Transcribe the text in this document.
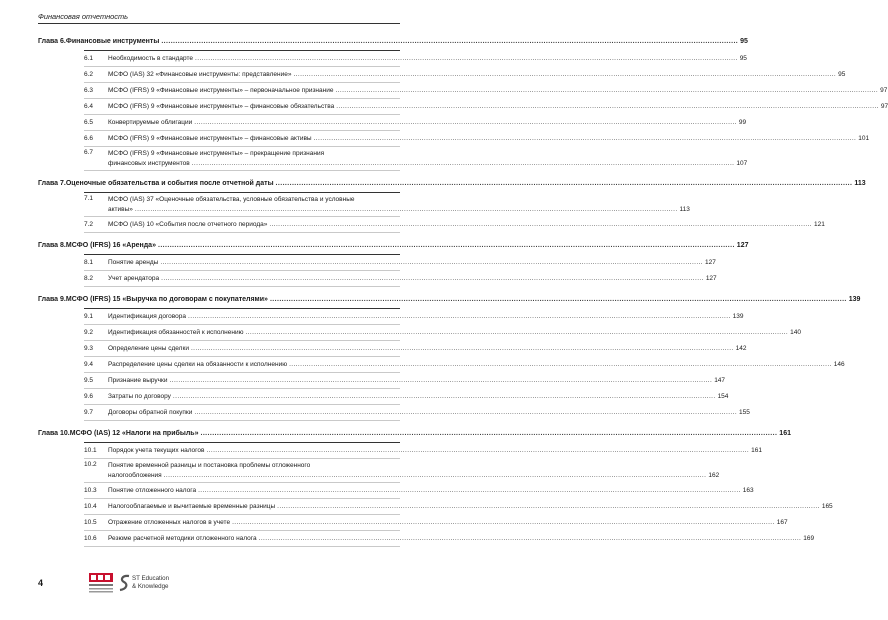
Финансовая отчетность
Глава 6. Финансовые инструменты .....	95
6.1	Необходимость в стандарте .....	95
6.2	МСФО (IAS) 32 «Финансовые инструменты: представление» .....	95
6.3	МСФО (IFRS) 9 «Финансовые инструменты» – первоначальное признание .....	97
6.4	МСФО (IFRS) 9 «Финансовые инструменты» – финансовые обязательства .....	97
6.5	Конвертируемые облигации .....	99
6.6	МСФО (IFRS) 9 «Финансовые инструменты» – финансовые активы .....	101
6.7	МСФО (IFRS) 9 «Финансовые инструменты» – прекращение признания
финансовых инструментов .....	107
Глава 7. Оценочные обязательства и события после отчетной даты .....	113
7.1	МСФО (IAS) 37 «Оценочные обязательства, условные обязательства и условные
активы» .....	113
7.2	МСФО (IAS) 10 «События после отчетного периода» .....	121
Глава 8. МСФО (IFRS) 16 «Аренда» .....	127
8.1	Понятие аренды .....	127
8.2	Учет арендатора .....	127
Глава 9. МСФО (IFRS) 15 «Выручка по договорам с покупателями» .....	139
9.1	Идентификация договора .....	139
9.2	Идентификация обязанностей к исполнению .....	140
9.3	Определение цены сделки .....	142
9.4	Распределение цены сделки на обязанности к исполнению .....	146
9.5	Признание выручки .....	147
9.6	Затраты по договору .....	154
9.7	Договоры обратной покупки .....	155
Глава 10. МСФО (IAS) 12 «Налоги на прибыль» .....	161
10.1	Порядок учета текущих налогов .....	161
10.2	Понятие временной разницы и постановка проблемы отложенного
налогообложения .....	162
10.3	Понятие отложенного налога .....	163
10.4	Налогооблагаемые и вычитаемые временные разницы .....	165
10.5	Отражение отложенных налогов в учете .....	167
10.6	Резюме расчетной методики отложенного налога .....	169
4	ST Education
& Knowledge
